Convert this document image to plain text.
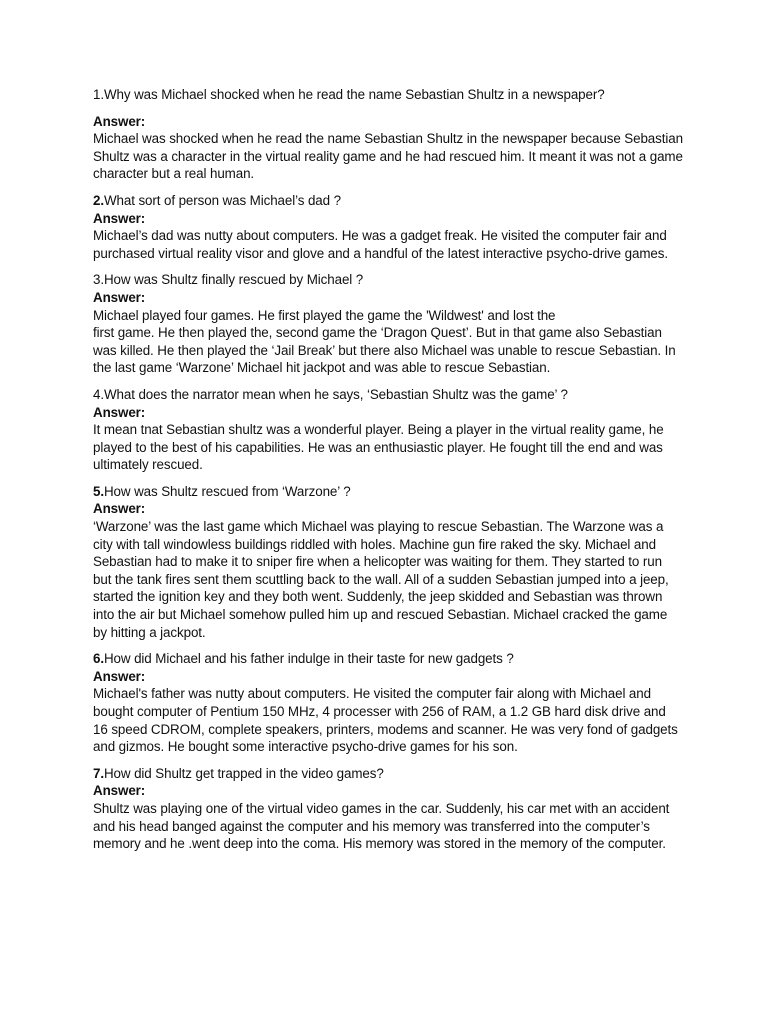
1.Why was Michael shocked when he read the name Sebastian Shultz in a newspaper?

Answer:

Michael was shocked when he read the name Sebastian Shultz in the newspaper because Sebastian Shultz was a character in the virtual reality game and he had rescued him. It meant it was not a game character but a real human.

2.What sort of person was Michael’s dad ?

Answer:

Michael’s dad was nutty about computers. He was a gadget freak. He visited the computer fair and purchased virtual reality visor and glove and a handful of the latest interactive psycho-drive games.

3.How was Shultz finally rescued by Michael ?

Answer:

Michael played four games. He first played the game the 'Wildwest' and lost the

first game. He then played the, second game the ‘Dragon Quest’. But in that game also Sebastian was killed. He then played the ‘Jail Break’ but there also Michael was unable to rescue Sebastian. In the last game ‘Warzone’ Michael hit jackpot and was able to rescue Sebastian.

4.What does the narrator mean when he says, ‘Sebastian Shultz was the game’ ?

Answer:

It mean tnat Sebastian shultz was a wonderful player. Being a player in the virtual reality game, he played to the best of his capabilities. He was an enthusiastic player. He fought till the end and was ultimately rescued.

5.How was Shultz rescued from ‘Warzone’ ?

Answer:

‘Warzone’ was the last game which Michael was playing to rescue Sebastian. The Warzone was a city with tall windowless buildings riddled with holes. Machine gun fire raked the sky. Michael and Sebastian had to make it to sniper fire when a helicopter was waiting for them. They started to run but the tank fires sent them scuttling back to the wall. All of a sudden Sebastian jumped into a jeep, started the ignition key and they both went. Suddenly, the jeep skidded and Sebastian was thrown into the air but Michael somehow pulled him up and rescued Sebastian. Michael cracked the game by hitting a jackpot.

6.How did Michael and his father indulge in their taste for new gadgets ?

Answer:

Michael's father was nutty about computers. He visited the computer fair along with Michael and bought computer of Pentium 150 MHz, 4 processer with 256 of RAM, a 1.2 GB hard disk drive and 16 speed CDROM, complete speakers, printers, modems and scanner. He was very fond of gadgets and gizmos. He bought some interactive psycho-drive games for his son.

7.How did Shultz get trapped in the video games?

Answer:

Shultz was playing one of the virtual video games in the car. Suddenly, his car met with an accident and his head banged against the computer and his memory was transferred into the computer’s memory and he .went deep into the coma. His memory was stored in the memory of the computer.
